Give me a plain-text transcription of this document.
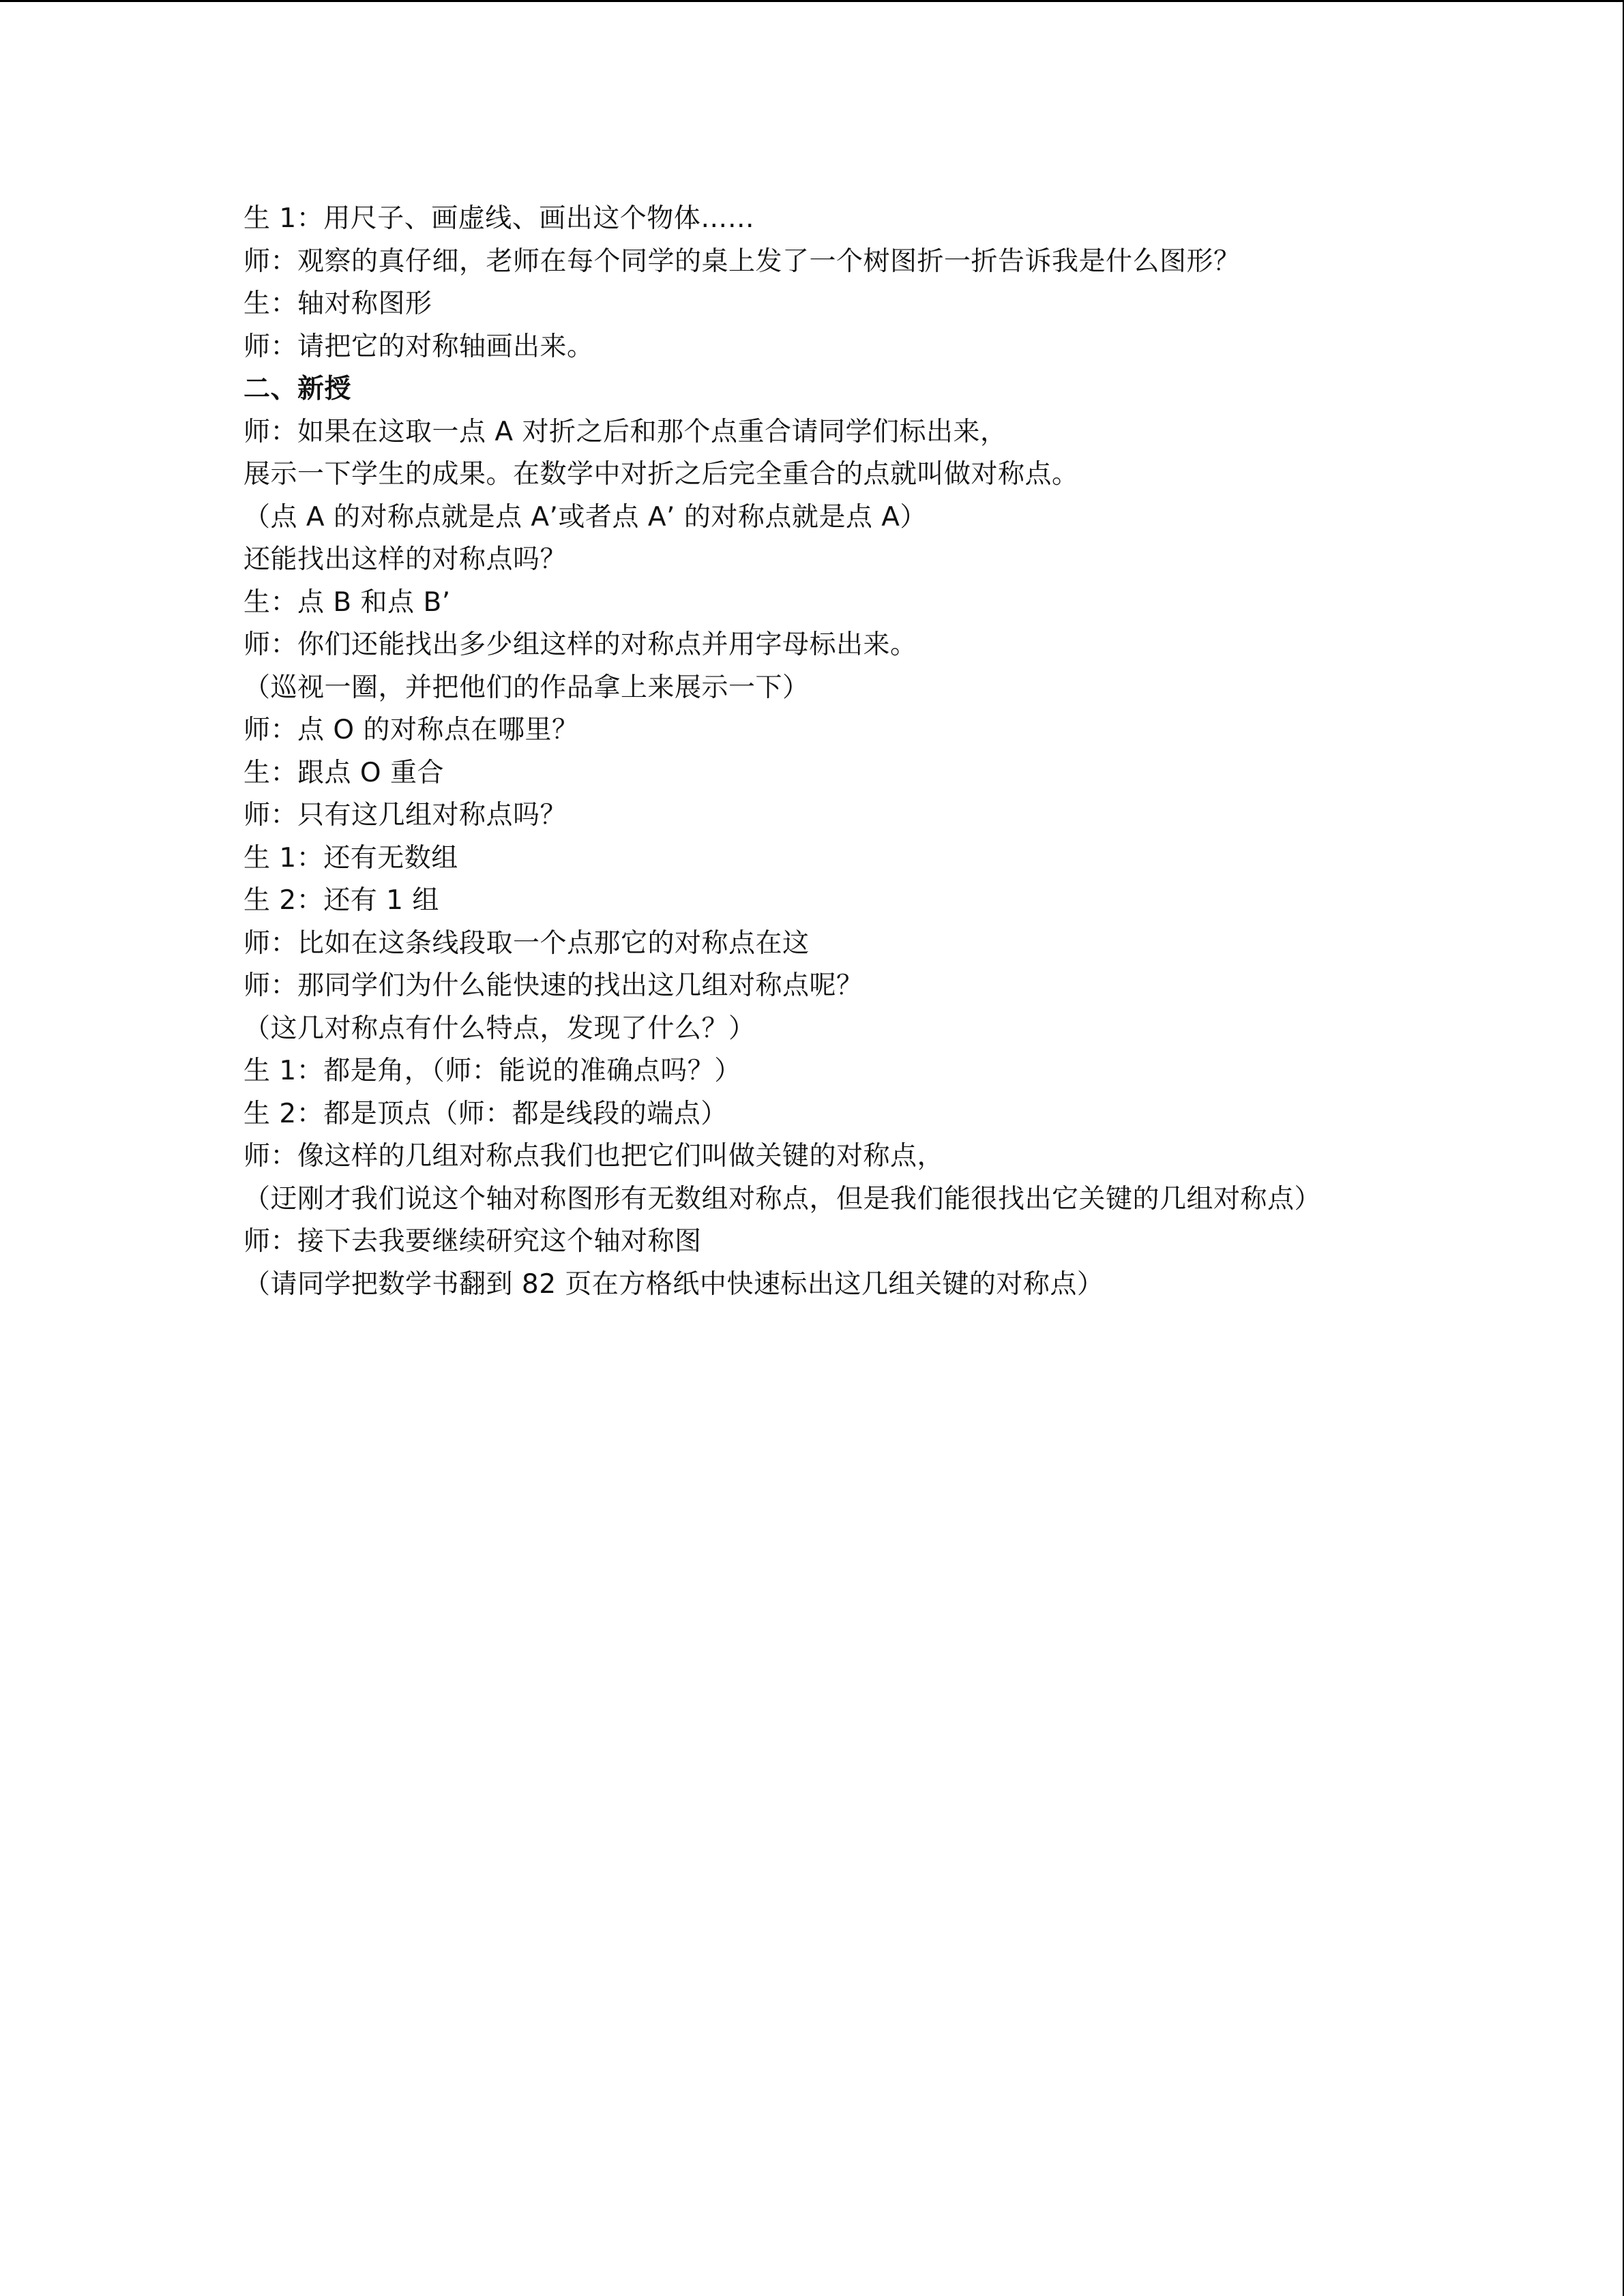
生 1：用尺子、画虚线、画出这个物体……
师：观察的真仔细，老师在每个同学的桌上发了一个树图折一折告诉我是什么图形？
生：轴对称图形
师：请把它的对称轴画出来。
二、新授
师：如果在这取一点 A 对折之后和那个点重合请同学们标出来，
展示一下学生的成果。在数学中对折之后完全重合的点就叫做对称点。
（点 A 的对称点就是点 A’或者点 A’ 的对称点就是点 A）
还能找出这样的对称点吗？
生：点 B 和点 B’
师：你们还能找出多少组这样的对称点并用字母标出来。
（巡视一圈，并把他们的作品拿上来展示一下）
师：点 O 的对称点在哪里？
生：跟点 O 重合
师：只有这几组对称点吗？
生 1：还有无数组
生 2：还有 1 组
师：比如在这条线段取一个点那它的对称点在这
师：那同学们为什么能快速的找出这几组对称点呢？
（这几对称点有什么特点，发现了什么？）
生 1：都是角，（师：能说的准确点吗？）
生 2：都是顶点（师：都是线段的端点）
师：像这样的几组对称点我们也把它们叫做关键的对称点，
（迂刚才我们说这个轴对称图形有无数组对称点，但是我们能很找出它关键的几组对称点）
师：接下去我要继续研究这个轴对称图
（请同学把数学书翻到 82 页在方格纸中快速标出这几组关键的对称点）
